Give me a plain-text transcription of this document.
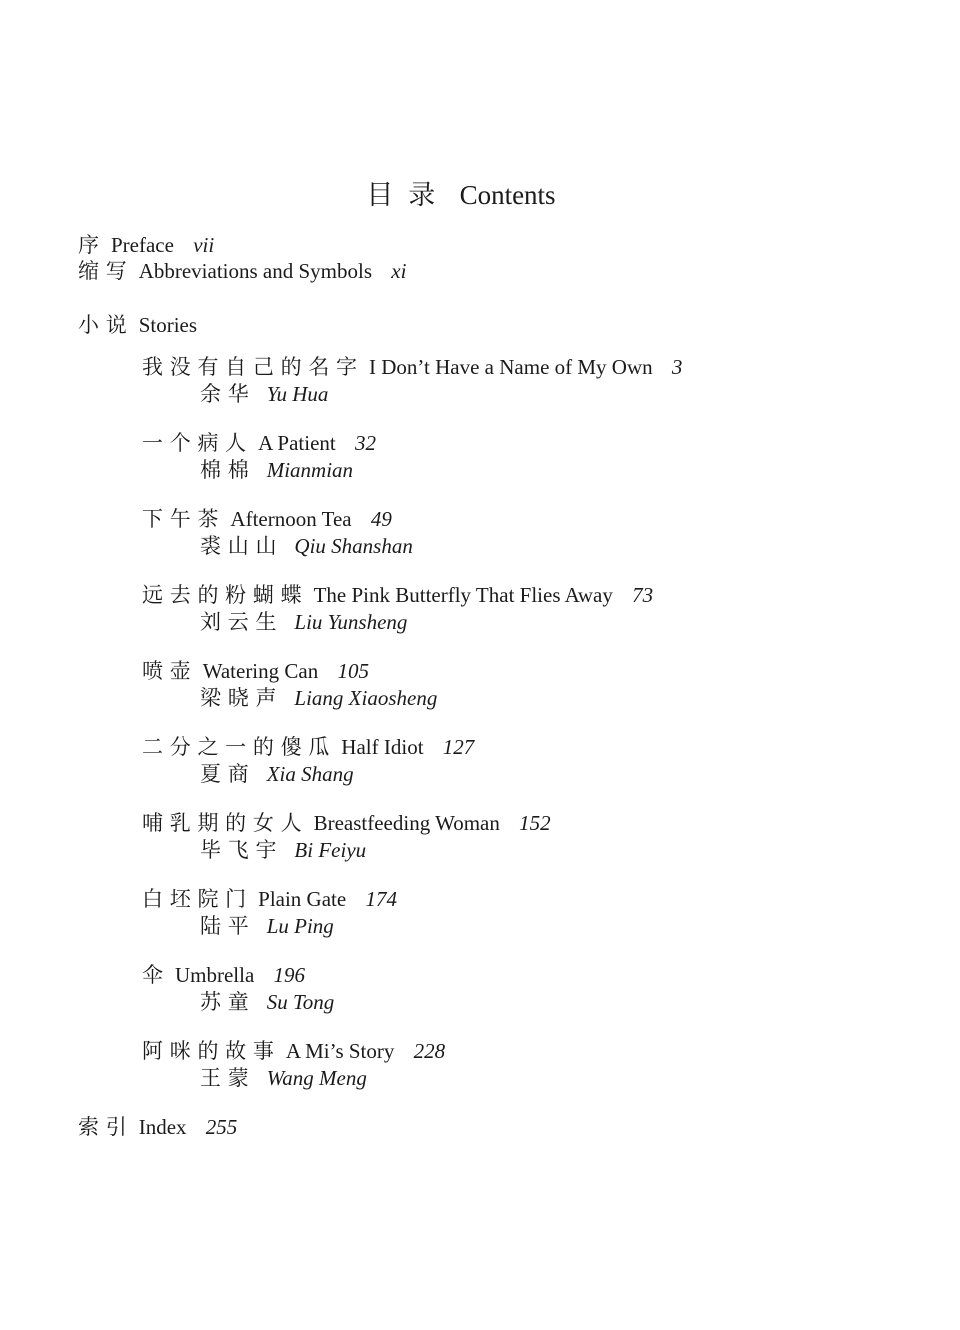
目录 Contents
序 Preface vii
缩写 Abbreviations and Symbols xi
小说 Stories
我没有自己的名字 I Don’t Have a Name of My Own 3
余华 Yu Hua
一个病人 A Patient 32
棉棉 Mianmian
下午茶 Afternoon Tea 49
裘山山 Qiu Shanshan
远去的粉蝴蝶 The Pink Butterfly That Flies Away 73
刘云生 Liu Yunsheng
喷壶 Watering Can 105
梁晓声 Liang Xiaosheng
二分之一的傻瓜 Half Idiot 127
夏商 Xia Shang
哺乳期的女人 Breastfeeding Woman 152
毕飞宇 Bi Feiyu
白坯院门 Plain Gate 174
陆平 Lu Ping
伞 Umbrella 196
苏童 Su Tong
阿咪的故事 A Mi’s Story 228
王蒙 Wang Meng
索引 Index 255
